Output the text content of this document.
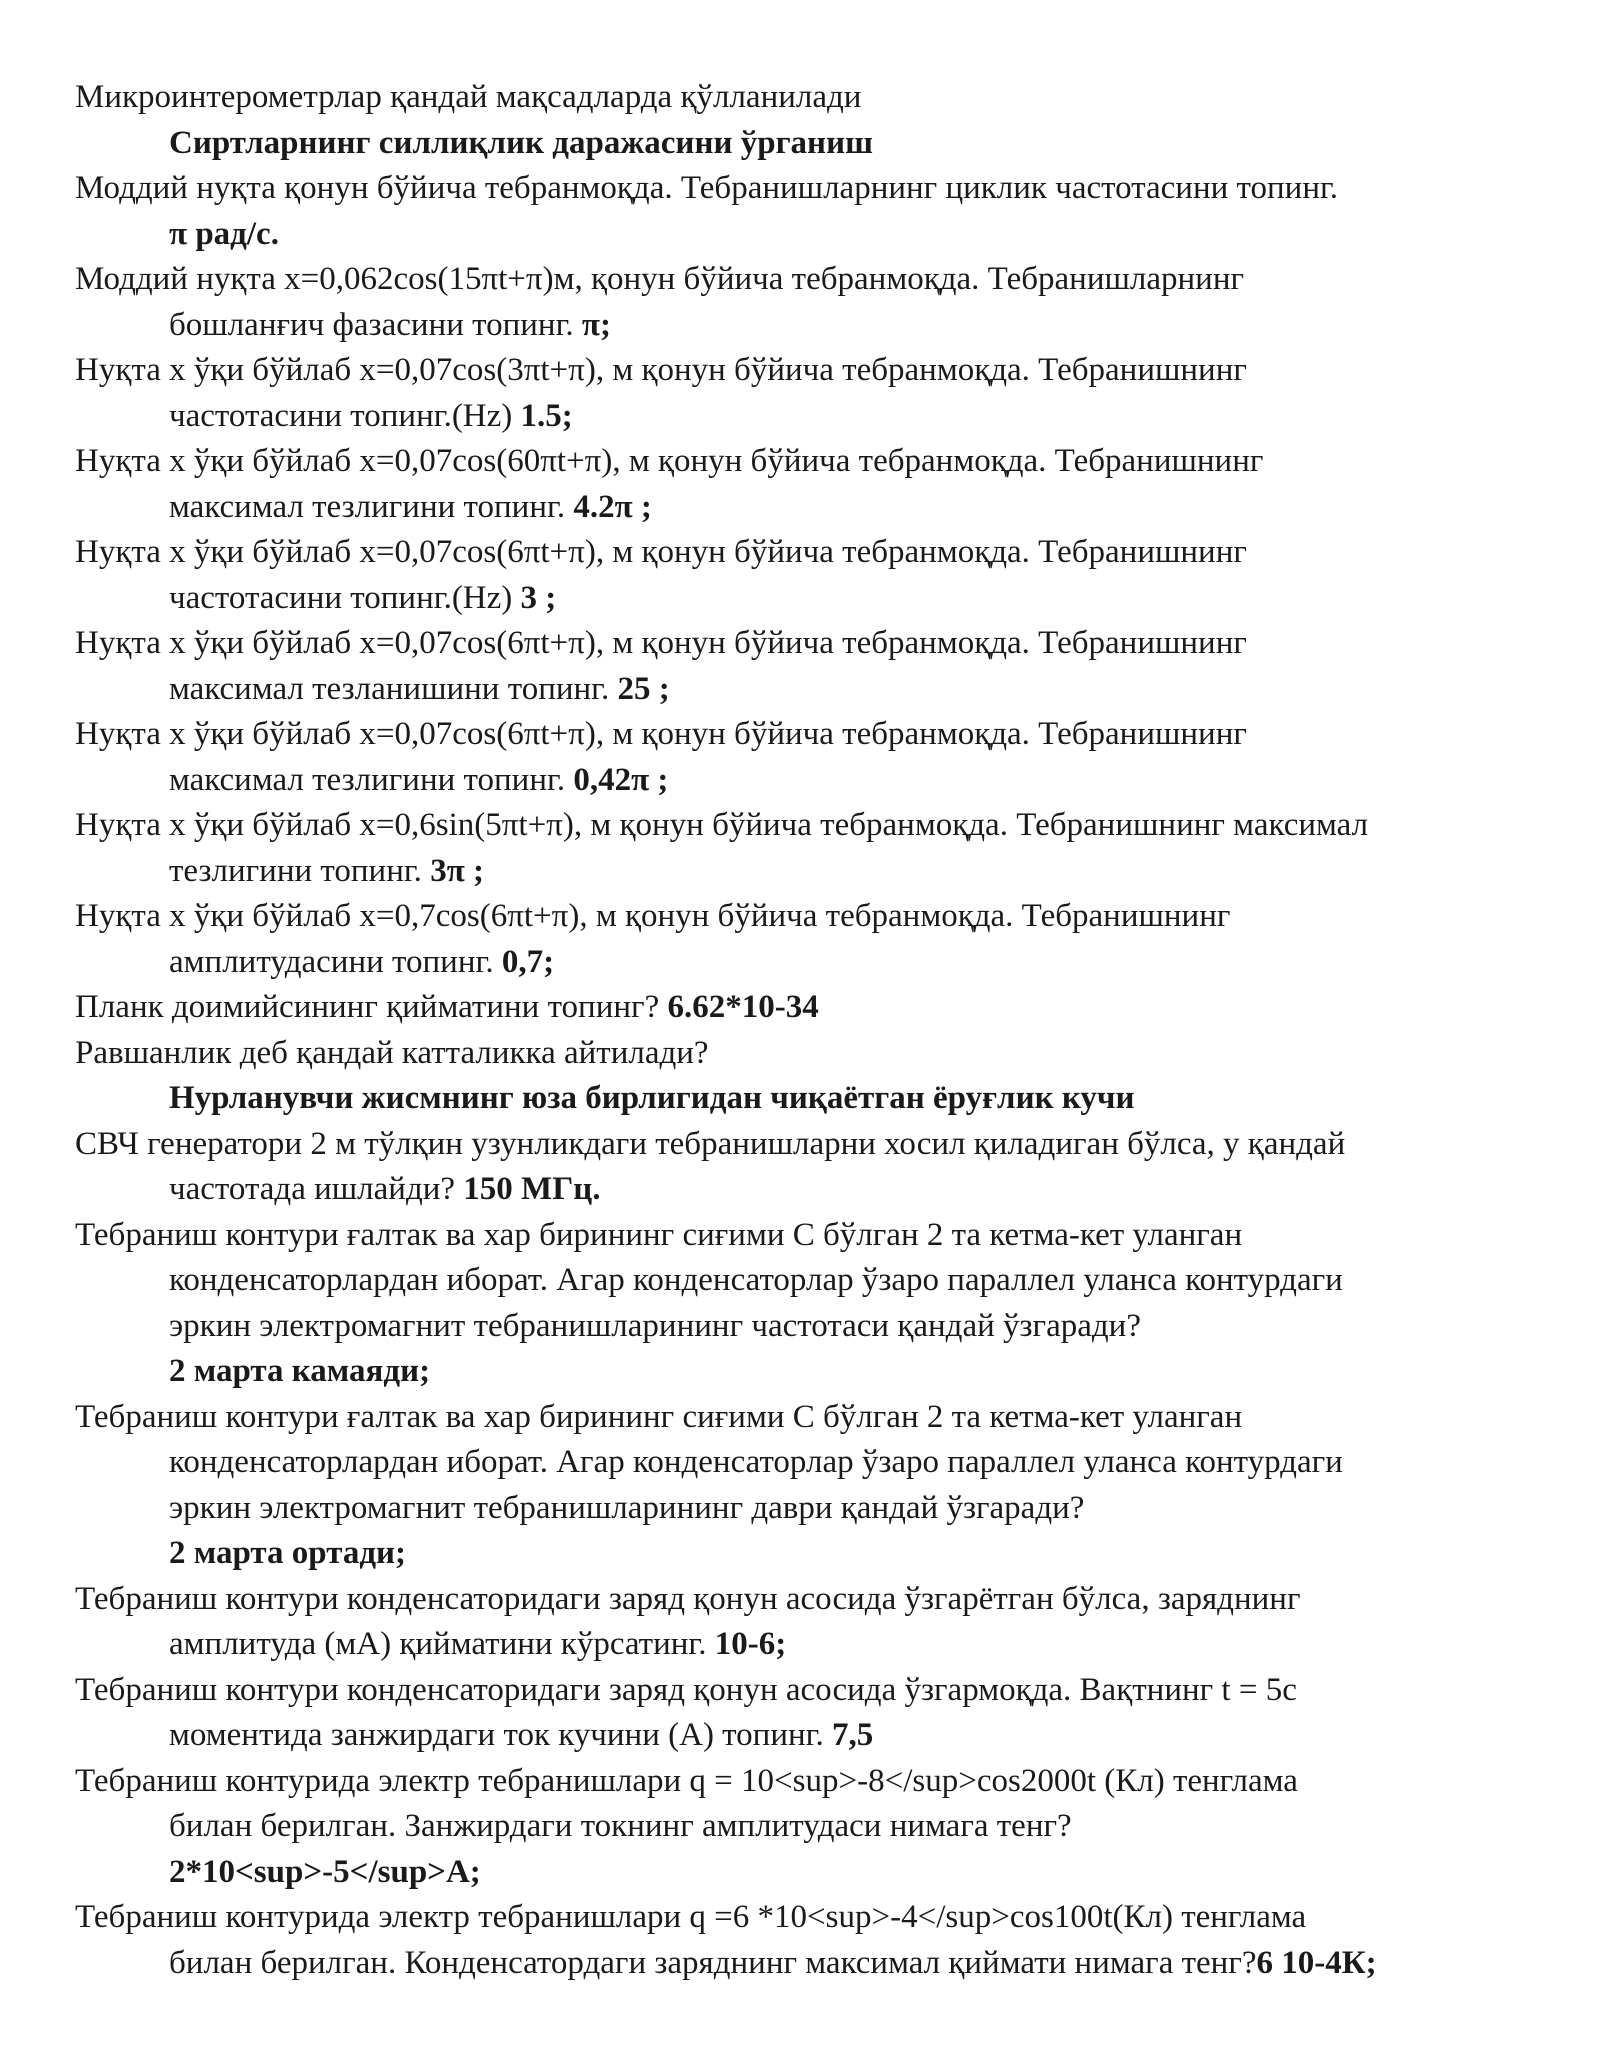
Микроинтерометрлар қандай мақсадларда қўлланилади

Сиртларнинг силлиқлик даражасини ўрганиш

Моддий нуқта қонун бўйича тебранмоқда. Тебранишларнинг циклик частотасини топинг.

π рад/с.

Моддий нуқта x=0,062cos(15πt+π)м, қонун бўйича тебранмоқда. Тебранишларнинг

бошланғич фазасини топинг. π;

Нуқта x ўқи бўйлаб x=0,07cos(3πt+π), м қонун бўйича тебранмоқда. Тебранишнинг

частотасини топинг.(Hz) 1.5;

Нуқта x ўқи бўйлаб x=0,07cos(60πt+π), м қонун бўйича тебранмоқда. Тебранишнинг

максимал тезлигини топинг. 4.2π ;

Нуқта x ўқи бўйлаб x=0,07cos(6πt+π), м қонун бўйича тебранмоқда. Тебранишнинг

частотасини топинг.(Hz) 3 ;

Нуқта x ўқи бўйлаб x=0,07cos(6πt+π), м қонун бўйича тебранмоқда. Тебранишнинг

максимал тезланишини топинг. 25 ;

Нуқта x ўқи бўйлаб x=0,07cos(6πt+π), м қонун бўйича тебранмоқда. Тебранишнинг

максимал тезлигини топинг. 0,42π ;

Нуқта x ўқи бўйлаб x=0,6sin(5πt+π), м қонун бўйича тебранмоқда. Тебранишнинг максимал

тезлигини топинг. 3π ;

Нуқта x ўқи бўйлаб x=0,7cos(6πt+π), м қонун бўйича тебранмоқда. Тебранишнинг

амплитудасини топинг. 0,7;

Планк доимийсининг қийматини топинг? 6.62*10-34

Равшанлик деб қандай катталикка айтилади?

Нурланувчи жисмнинг юза бирлигидан чиқаётган ёруғлик кучи

СВЧ генератори 2 м тўлқин узунликдаги тебранишларни хосил қиладиган бўлса, у қандай

частотада ишлайди? 150 МГц.

Тебраниш контури ғалтак ва хар бирининг сиғими С бўлган 2 та кетма-кет уланган

конденсаторлардан иборат. Агар конденсаторлар ўзаро параллел уланса контурдаги

эркин электромагнит тебранишларининг частотаси қандай ўзгаради?

2 марта камаяди;

Тебраниш контури ғалтак ва хар бирининг сиғими С бўлган 2 та кетма-кет уланган

конденсаторлардан иборат. Агар конденсаторлар ўзаро параллел уланса контурдаги

эркин электромагнит тебранишларининг даври қандай ўзгаради?

2 марта ортади;

Тебраниш контури конденсаторидаги заряд қонун асосида ўзгарётган бўлса, заряднинг

амплитуда (мА) қийматини кўрсатинг. 10-6;

Тебраниш контури конденсаторидаги заряд қонун асосида ўзгармоқда. Вақтнинг t = 5c

моментида занжирдаги ток кучини (А) топинг. 7,5

Тебраниш контурида электр тебранишлари q = 10<sup>-8</sup>cos2000t (Кл) тенглама

билан берилган. Занжирдаги токнинг амплитудаси нимага тенг?

2*10<sup>-5</sup>A;

Тебраниш контурида электр тебранишлари q =6 *10<sup>-4</sup>cos100t(Кл) тенглама

билан берилган. Конденсатордаги заряднинг максимал қиймати нимага тенг?6 10-4К;
